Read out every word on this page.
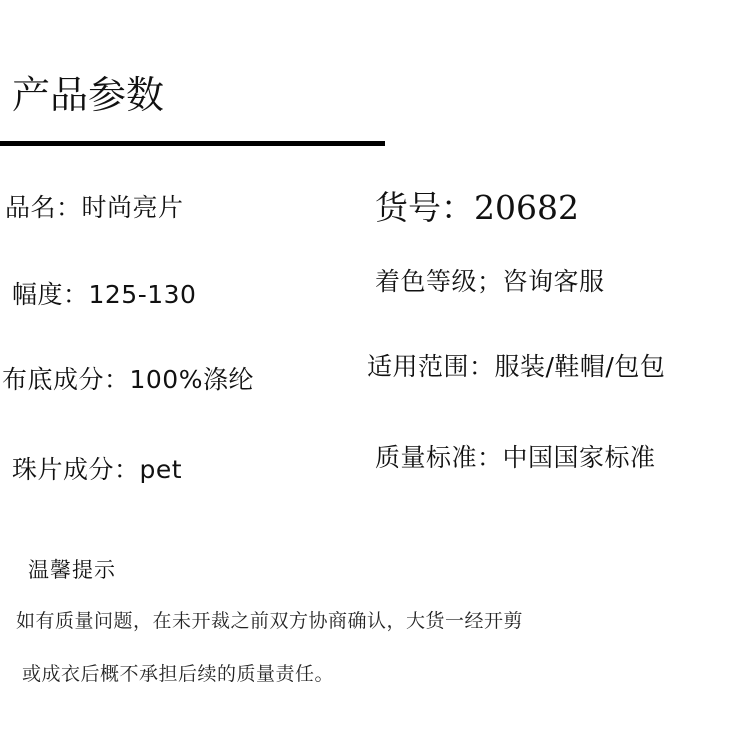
产品参数
品名：时尚亮片	货号：20682
幅度：125-130	着色等级；咨询客服
布底成分：100%涤纶	适用范围：服装/鞋帽/包包
珠片成分：pet	质量标准：中国国家标准
温馨提示
如有质量问题，在未开裁之前双方协商确认，大货一经开剪
或成衣后概不承担后续的质量责任。
